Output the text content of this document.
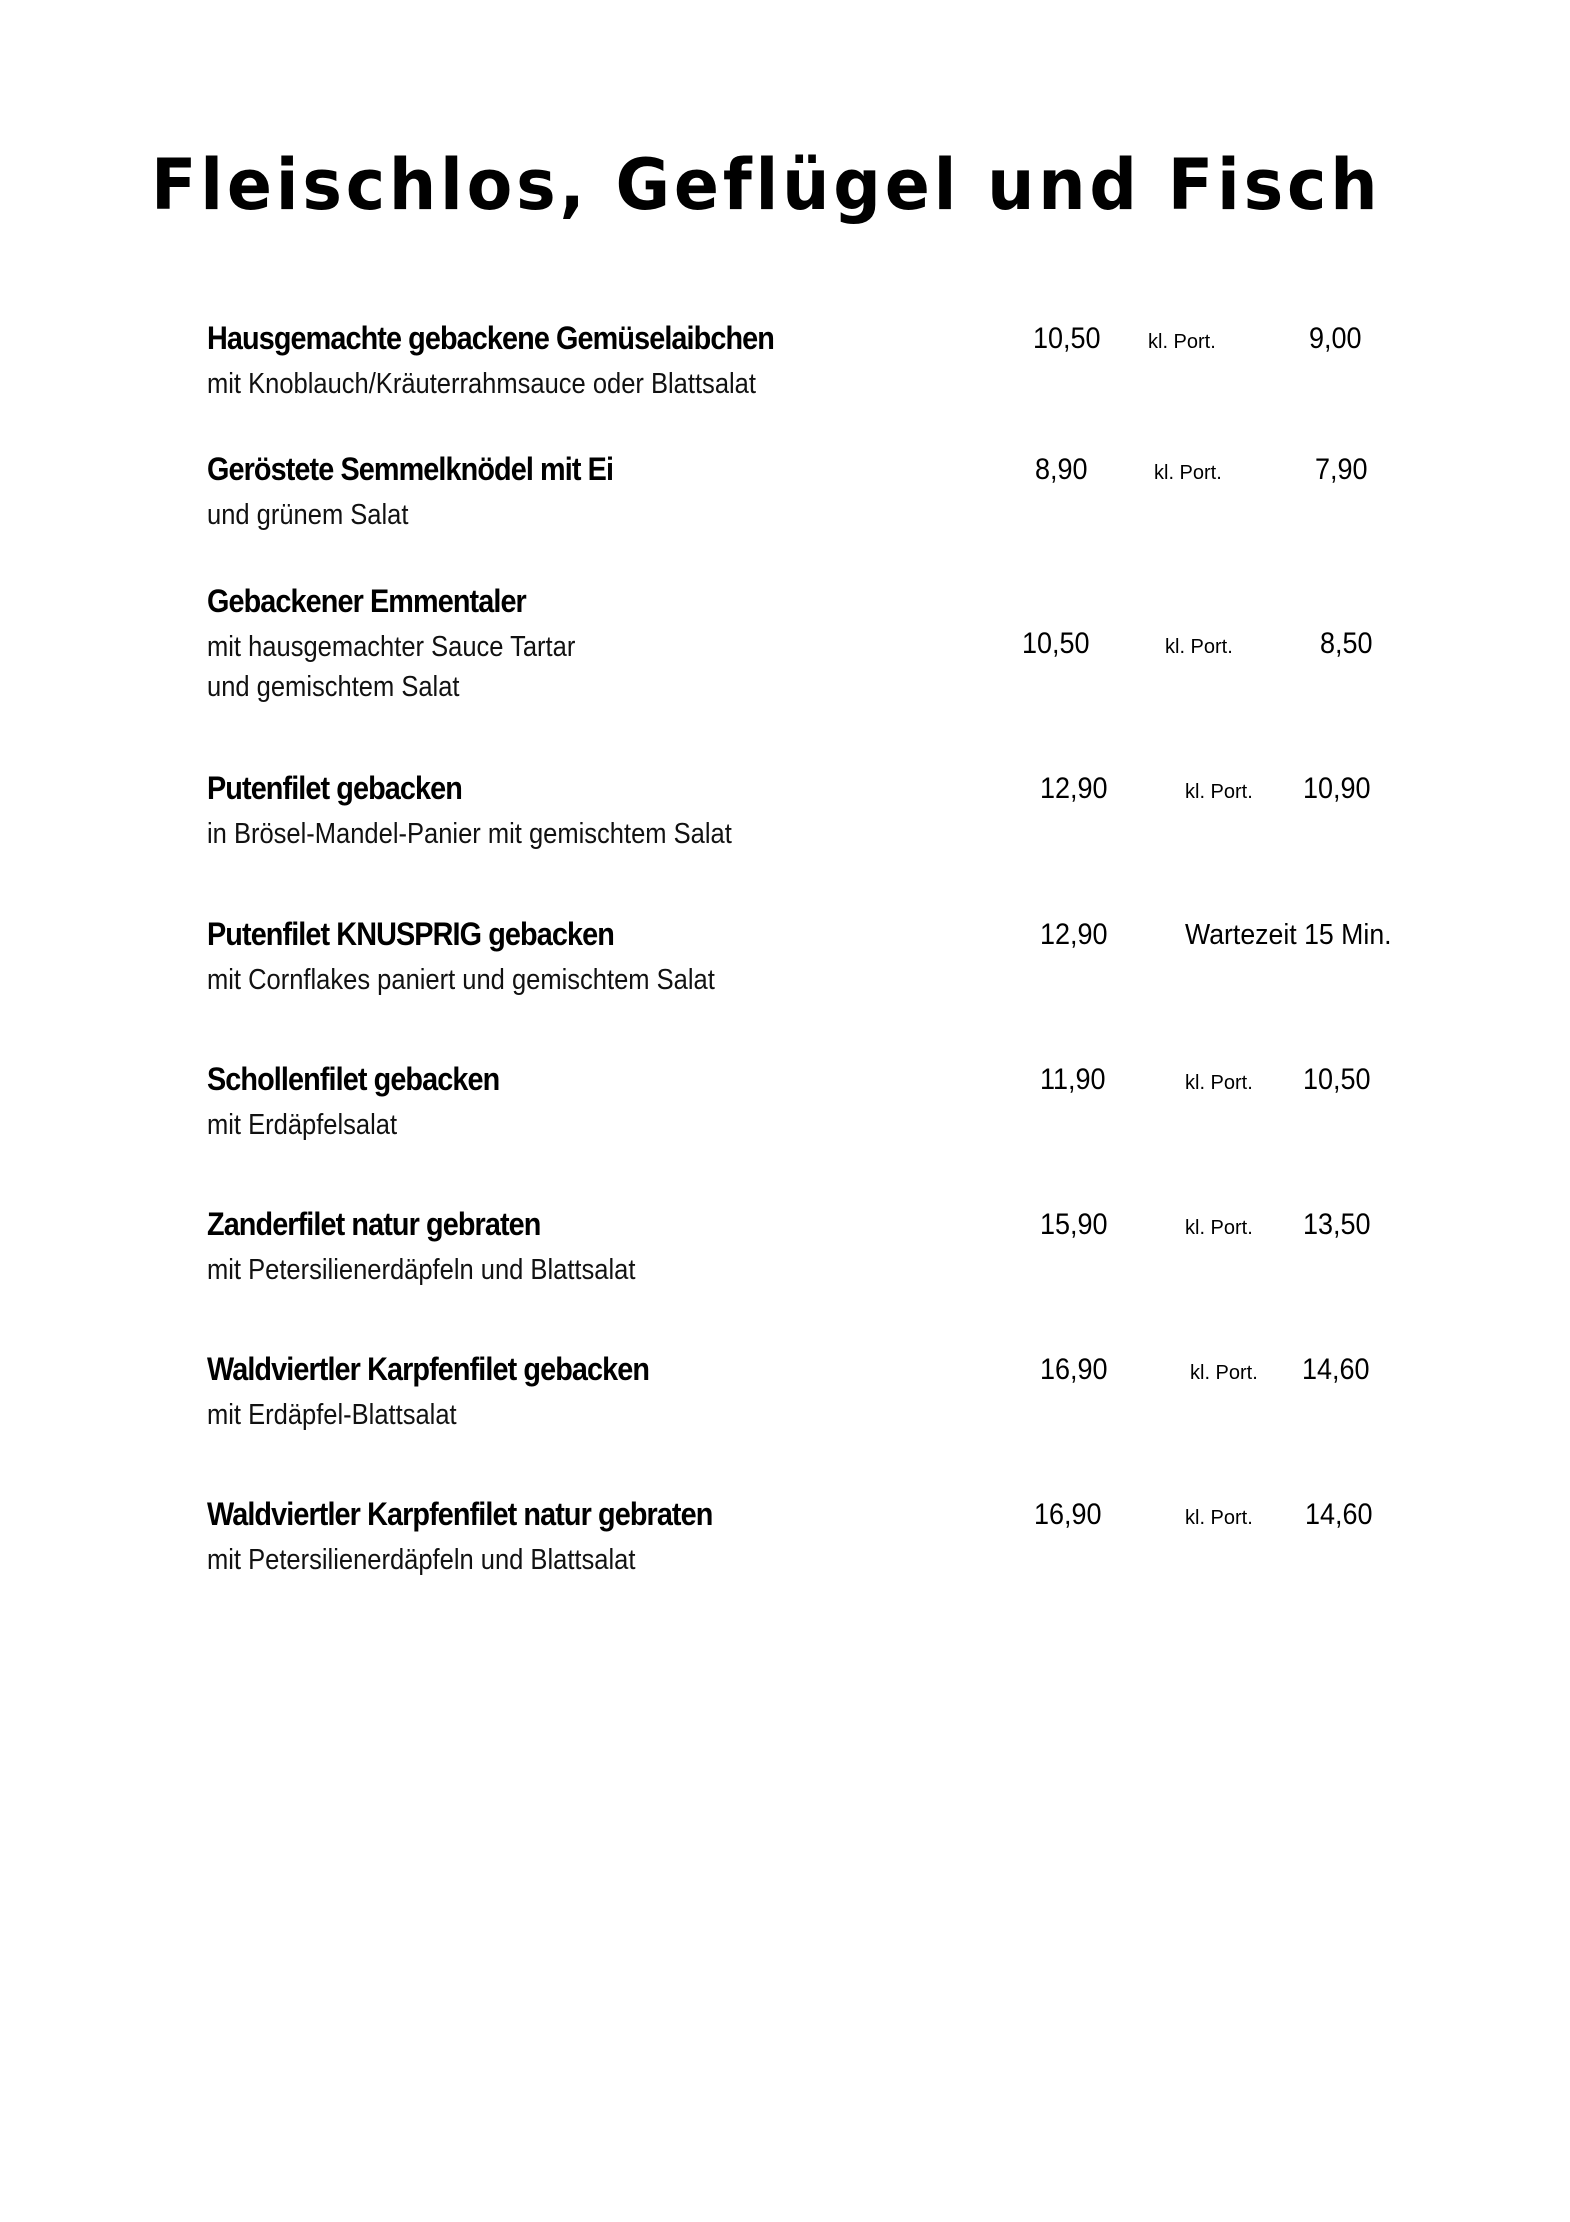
Fleischlos, Geflügel und Fisch
Hausgemachte gebackene Gemüselaibchen
mit Knoblauch/Kräuterrahmsauce oder Blattsalat
10,50 kl. Port.	9,00
Geröstete Semmelknödel mit Ei
und grünem Salat
8,90	kl. Port.	7,90
Gebackener Emmentaler
mit hausgemachter Sauce Tartar
und gemischtem Salat
10,50	kl. Port.	8,50
Putenfilet gebacken
in Brösel-Mandel-Panier mit gemischtem Salat
12,90	kl. Port. 10,90
Putenfilet KNUSPRIG gebacken
mit Cornflakes paniert und gemischtem Salat
12,90	Wartezeit 15 Min.
Schollenfilet gebacken
mit Erdäpfelsalat
11,90	kl. Port. 10,50
Zanderfilet natur gebraten
mit Petersilienerdäpfeln und Blattsalat
15,90	kl. Port. 13,50
Waldviertler Karpfenfilet gebacken
mit Erdäpfel-Blattsalat
16,90	kl. Port. 14,60
Waldviertler Karpfenfilet natur gebraten
mit Petersilienerdäpfeln und Blattsalat
16,90	kl. Port. 14,60
